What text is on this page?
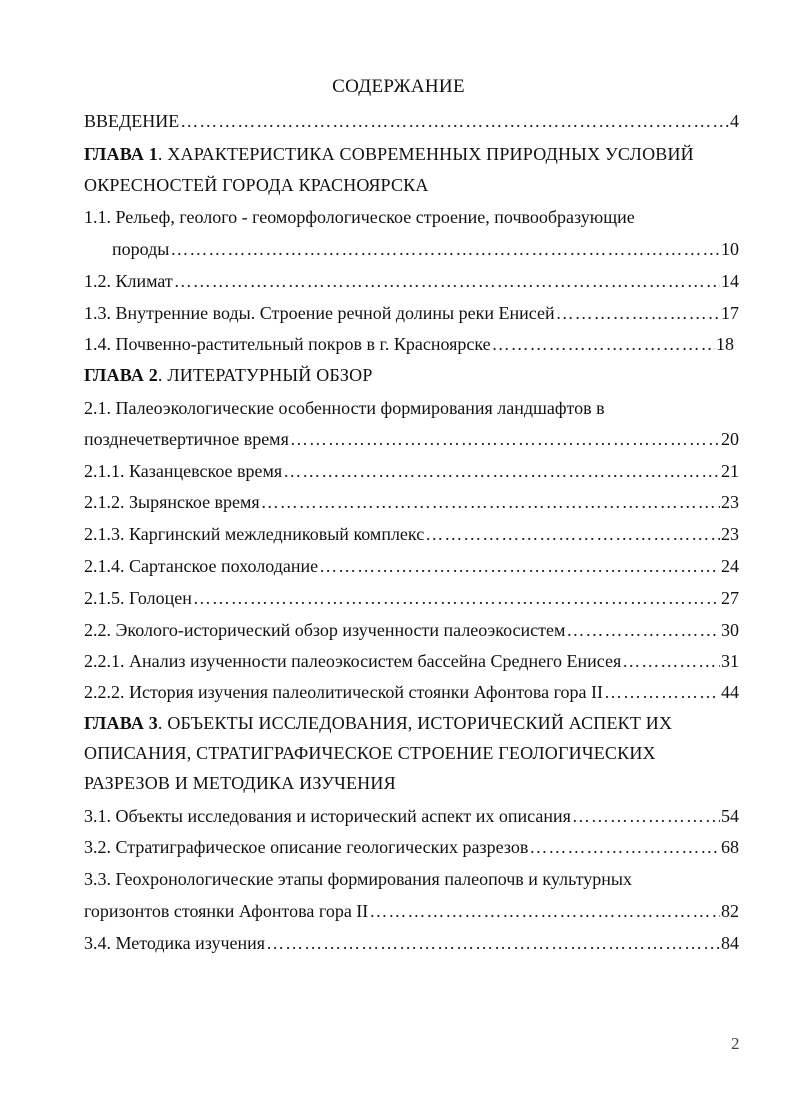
СОДЕРЖАНИЕ
ВВЕДЕНИЕ …………………………………………………………………………………………………………………………………………………………………………………………………………………………………………	4
ГЛАВА 1. ХАРАКТЕРИСТИКА СОВРЕМЕННЫХ ПРИРОДНЫХ УСЛОВИЙ
ОКРЕСНОСТЕЙ ГОРОДА КРАСНОЯРСКА
1.1. Рельеф, геолого - геоморфологическое строение, почвообразующие
породы …………………………………………………………………………………………………………………………………………………………………………………………………………………………………………	10
1.2. Климат …………………………………………………………………………………………………………………………………………………………………………………………………………………………………………	14
1.3. Внутренние воды. Строение речной долины реки Енисей …………………………………………………………………………………………………………………………………………………………………………………………………………………………………………	17
1.4. Почвенно-растительный покров в г. Красноярске …………………………………………………………………………………………………………………………………………………………………………………………………………………………………………	18
ГЛАВА 2. ЛИТЕРАТУРНЫЙ ОБЗОР
2.1. Палеоэкологические особенности формирования ландшафтов в
позднечетвертичное время …………………………………………………………………………………………………………………………………………………………………………………………………………………………………………	20
2.1.1. Казанцевское время …………………………………………………………………………………………………………………………………………………………………………………………………………………………………………	21
2.1.2. Зырянское время …………………………………………………………………………………………………………………………………………………………………………………………………………………………………………	23
2.1.3. Каргинский межледниковый комплекс …………………………………………………………………………………………………………………………………………………………………………………………………………………………………………	23
2.1.4. Сартанское похолодание …………………………………………………………………………………………………………………………………………………………………………………………………………………………………………	24
2.1.5. Голоцен …………………………………………………………………………………………………………………………………………………………………………………………………………………………………………	27
2.2. Эколого-исторический обзор изученности палеоэкосистем …………………………………………………………………………………………………………………………………………………………………………………………………………………………………………	30
2.2.1. Анализ изученности палеоэкосистем бассейна Среднего Енисея …………………………………………………………………………………………………………………………………………………………………………………………………………………………………………	31
2.2.2. История изучения палеолитической стоянки Афонтова гора II …………………………………………………………………………………………………………………………………………………………………………………………………………………………………………	44
ГЛАВА 3. ОБЪЕКТЫ ИССЛЕДОВАНИЯ, ИСТОРИЧЕСКИЙ АСПЕКТ ИХ
ОПИСАНИЯ, СТРАТИГРАФИЧЕСКОЕ СТРОЕНИЕ ГЕОЛОГИЧЕСКИХ
РАЗРЕЗОВ И МЕТОДИКА ИЗУЧЕНИЯ
3.1. Объекты исследования и исторический аспект их описания …………………………………………………………………………………………………………………………………………………………………………………………………………………………………………	54
3.2. Стратиграфическое описание геологических разрезов …………………………………………………………………………………………………………………………………………………………………………………………………………………………………………	68
3.3. Геохронологические этапы формирования палеопочв и культурных
горизонтов стоянки Афонтова гора II …………………………………………………………………………………………………………………………………………………………………………………………………………………………………………	82
3.4. Методика изучения …………………………………………………………………………………………………………………………………………………………………………………………………………………………………………	84
2
